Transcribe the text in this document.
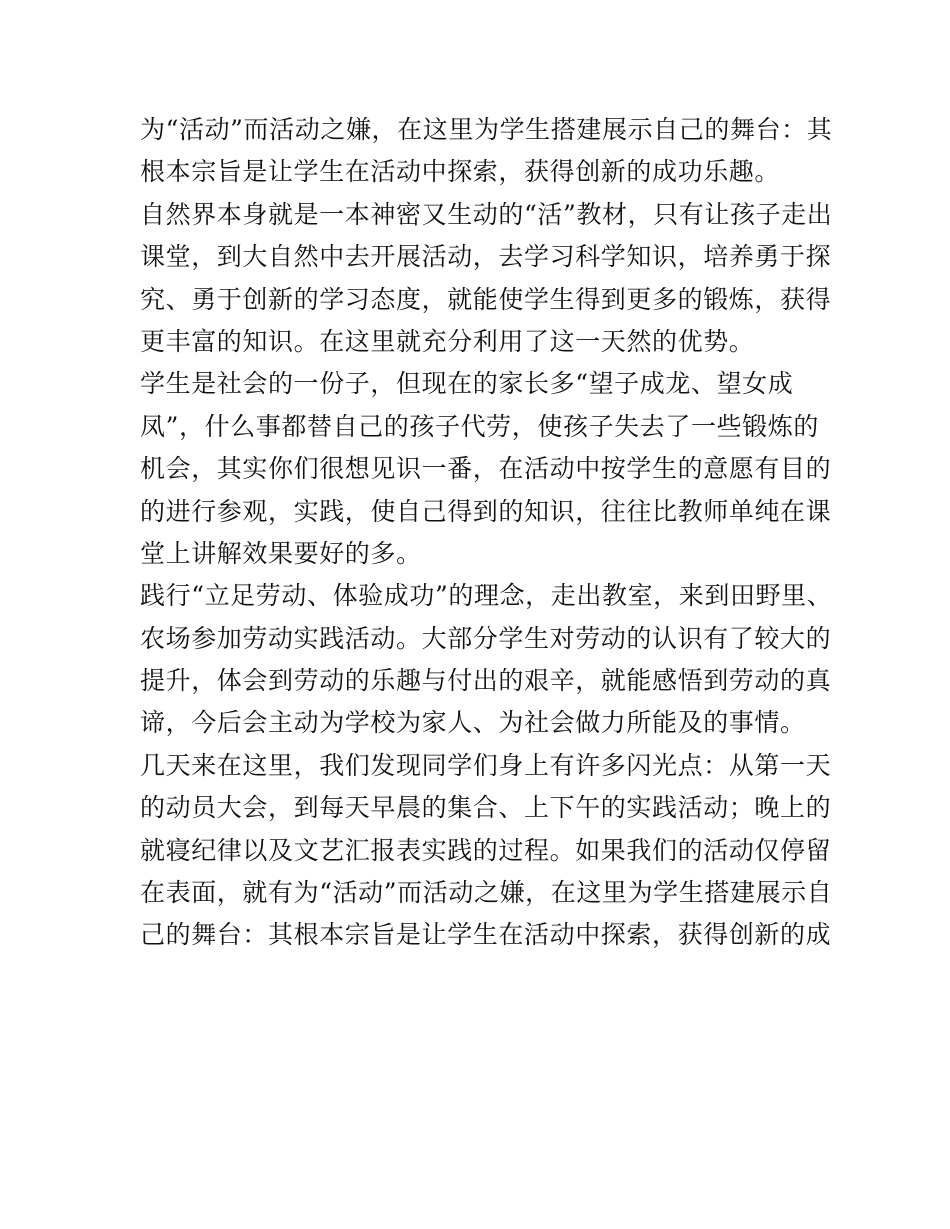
为“活动”而活动之嫌，在这里为学生搭建展示自己的舞台：其
根本宗旨是让学生在活动中探索，获得创新的成功乐趣。
自然界本身就是一本神密又生动的“活”教材，只有让孩子走出
课堂，到大自然中去开展活动，去学习科学知识，培养勇于探
究、勇于创新的学习态度，就能使学生得到更多的锻炼，获得
更丰富的知识。在这里就充分利用了这一天然的优势。
学生是社会的一份子，但现在的家长多“望子成龙、望女成
凤”，什么事都替自己的孩子代劳，使孩子失去了一些锻炼的
机会，其实你们很想见识一番，在活动中按学生的意愿有目的
的进行参观，实践，使自己得到的知识，往往比教师单纯在课
堂上讲解效果要好的多。
践行“立足劳动、体验成功”的理念，走出教室，来到田野里、
农场参加劳动实践活动。大部分学生对劳动的认识有了较大的
提升，体会到劳动的乐趣与付出的艰辛，就能感悟到劳动的真
谛，今后会主动为学校为家人、为社会做力所能及的事情。
几天来在这里，我们发现同学们身上有许多闪光点：从第一天
的动员大会，到每天早晨的集合、上下午的实践活动；晚上的
就寝纪律以及文艺汇报表实践的过程。如果我们的活动仅停留
在表面，就有为“活动”而活动之嫌，在这里为学生搭建展示自
己的舞台：其根本宗旨是让学生在活动中探索，获得创新的成
